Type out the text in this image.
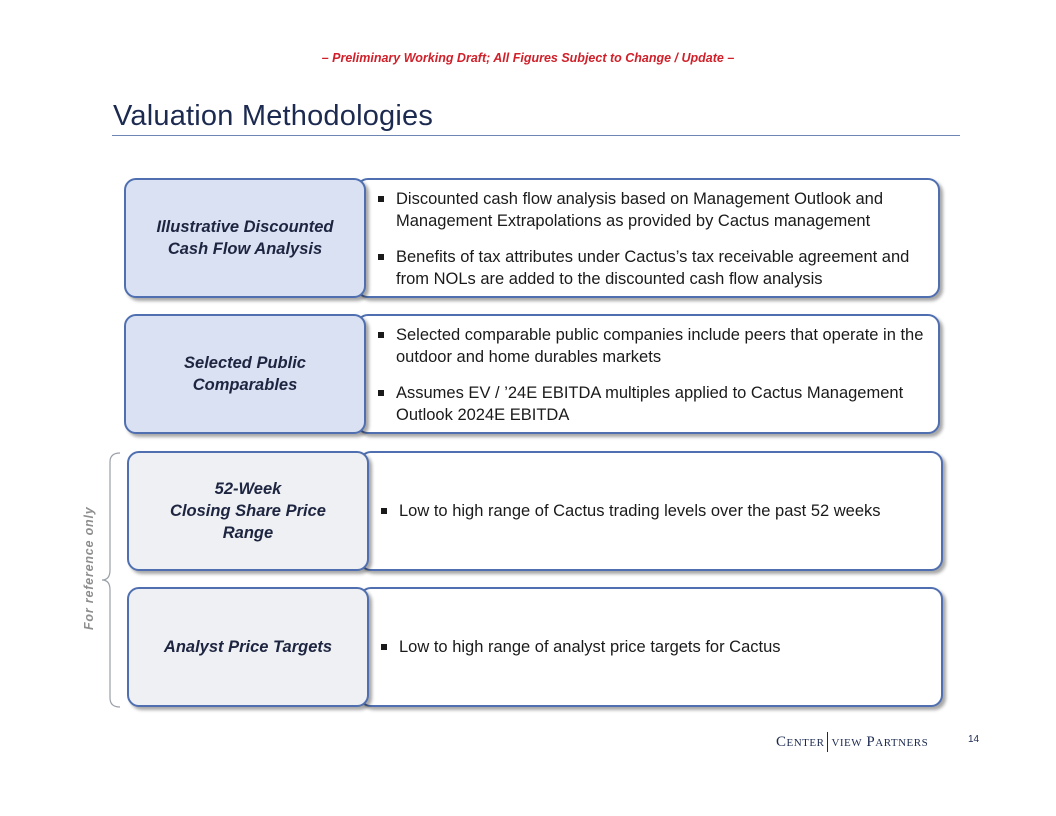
– Preliminary Working Draft; All Figures Subject to Change / Update –
Valuation Methodologies
Discounted cash flow analysis based on Management Outlook and Management Extrapolations as provided by Cactus management
Benefits of tax attributes under Cactus’s tax receivable agreement and from NOLs are added to the discounted cash flow analysis
Illustrative Discounted
Cash Flow Analysis
Selected comparable public companies include peers that operate in the outdoor and home durables markets
Assumes EV / ’24E EBITDA multiples applied to Cactus Management Outlook 2024E EBITDA
Selected Public
Comparables
Low to high range of Cactus trading levels over the past 52 weeks
52-Week
Closing Share Price
Range
Low to high range of analyst price targets for Cactus
Analyst Price Targets
For reference only
Center view Partners	14
